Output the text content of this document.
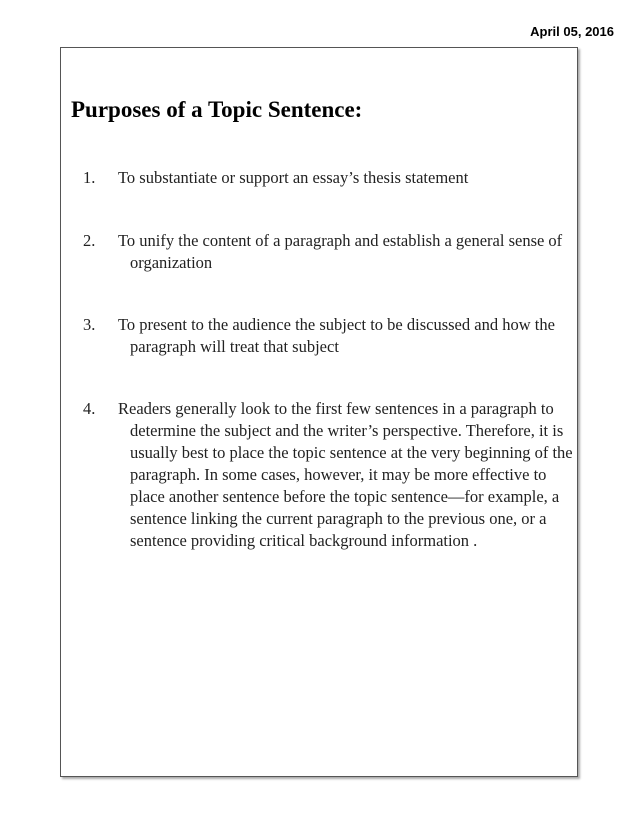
April 05, 2016
Purposes of a Topic Sentence:
1. To substantiate or support an essay’s thesis statement
2. To unify the content of a paragraph and establish a general sense of organization
3. To present to the audience the subject to be discussed and how the paragraph will treat that subject
4. Readers generally look to the first few sentences in a paragraph to determine the subject and the writer’s perspective. Therefore, it is usually best to place the topic sentence at the very beginning of the paragraph. In some cases, however, it may be more effective to place another sentence before the topic sentence—for example, a sentence linking the current paragraph to the previous one, or a sentence providing critical background information .
